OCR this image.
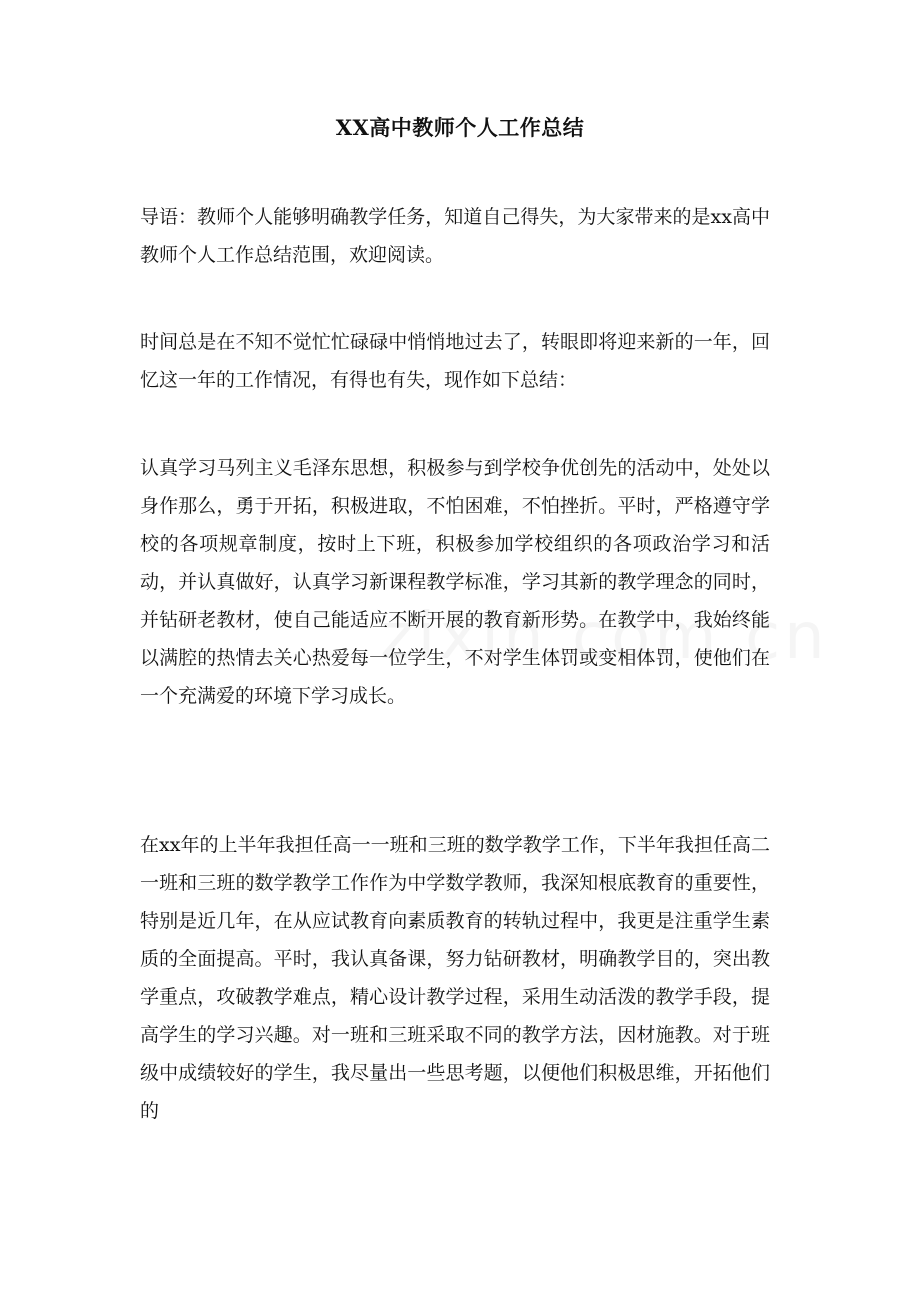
XX高中教师个人工作总结

导语：教师个人能够明确教学任务，知道自己得失，为大家带来的是xx高中教师个人工作总结范围，欢迎阅读。

时间总是在不知不觉忙忙碌碌中悄悄地过去了，转眼即将迎来新的一年，回忆这一年的工作情况，有得也有失，现作如下总结：

认真学习马列主义毛泽东思想，积极参与到学校争优创先的活动中，处处以身作那么，勇于开拓，积极进取，不怕困难，不怕挫折。平时，严格遵守学校的各项规章制度，按时上下班，积极参加学校组织的各项政治学习和活动，并认真做好，认真学习新课程教学标准，学习其新的教学理念的同时，并钻研老教材，使自己能适应不断开展的教育新形势。在教学中，我始终能以满腔的热情去关心热爱每一位学生，不对学生体罚或变相体罚，使他们在一个充满爱的环境下学习成长。

在xx年的上半年我担任高一一班和三班的数学教学工作，下半年我担任高二一班和三班的数学教学工作作为中学数学教师，我深知根底教育的重要性，特别是近几年，在从应试教育向素质教育的转轨过程中，我更是注重学生素质的全面提高。平时，我认真备课，努力钻研教材，明确教学目的，突出教学重点，攻破教学难点，精心设计教学过程，采用生动活泼的教学手段，提高学生的学习兴趣。对一班和三班采取不同的教学方法，因材施教。对于班级中成绩较好的学生，我尽量出一些思考题，以便他们积极思维，开拓他们的
